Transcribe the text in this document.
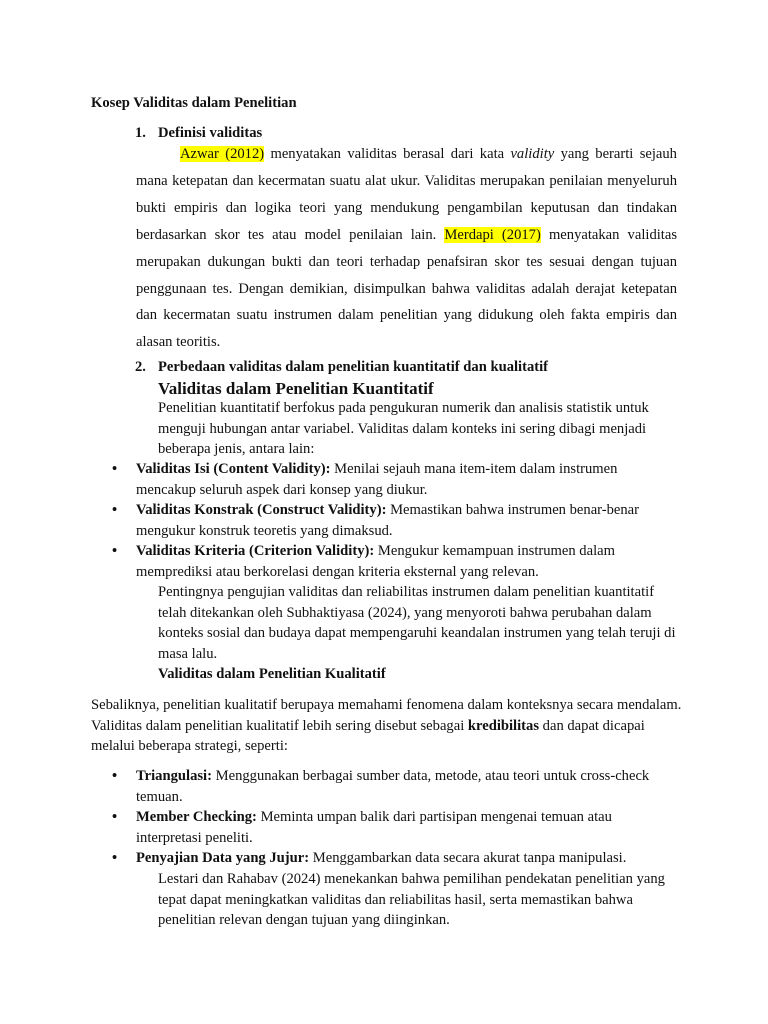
Kosep Validitas dalam Penelitian
1. Definisi validitas

Azwar (2012) menyatakan validitas berasal dari kata validity yang berarti sejauh mana ketepatan dan kecermatan suatu alat ukur. Validitas merupakan penilaian menyeluruh bukti empiris dan logika teori yang mendukung pengambilan keputusan dan tindakan berdasarkan skor tes atau model penilaian lain. Merdapi (2017) menyatakan validitas merupakan dukungan bukti dan teori terhadap penafsiran skor tes sesuai dengan tujuan penggunaan tes. Dengan demikian, disimpulkan bahwa validitas adalah derajat ketepatan dan kecermatan suatu instrumen dalam penelitian yang didukung oleh fakta empiris dan alasan teoritis.

2. Perbedaan validitas dalam penelitian kuantitatif dan kualitatif
Validitas dalam Penelitian Kuantitatif

Penelitian kuantitatif berfokus pada pengukuran numerik dan analisis statistik untuk menguji hubungan antar variabel. Validitas dalam konteks ini sering dibagi menjadi beberapa jenis, antara lain:

• Validitas Isi (Content Validity): Menilai sejauh mana item-item dalam instrumen mencakup seluruh aspek dari konsep yang diukur.
• Validitas Konstrak (Construct Validity): Memastikan bahwa instrumen benar-benar mengukur konstruk teoretis yang dimaksud.
• Validitas Kriteria (Criterion Validity): Mengukur kemampuan instrumen dalam memprediksi atau berkorelasi dengan kriteria eksternal yang relevan.

Pentingnya pengujian validitas dan reliabilitas instrumen dalam penelitian kuantitatif telah ditekankan oleh Subhaktiyasa (2024), yang menyoroti bahwa perubahan dalam konteks sosial dan budaya dapat mempengaruhi keandalan instrumen yang telah teruji di masa lalu.

Validitas dalam Penelitian Kualitatif

Sebaliknya, penelitian kualitatif berupaya memahami fenomena dalam konteksnya secara mendalam. Validitas dalam penelitian kualitatif lebih sering disebut sebagai kredibilitas dan dapat dicapai melalui beberapa strategi, seperti:

• Triangulasi: Menggunakan berbagai sumber data, metode, atau teori untuk cross-check temuan.
• Member Checking: Meminta umpan balik dari partisipan mengenai temuan atau interpretasi peneliti.
• Penyajian Data yang Jujur: Menggambarkan data secara akurat tanpa manipulasi.

Lestari dan Rahabav (2024) menekankan bahwa pemilihan pendekatan penelitian yang tepat dapat meningkatkan validitas dan reliabilitas hasil, serta memastikan bahwa penelitian relevan dengan tujuan yang diinginkan.
